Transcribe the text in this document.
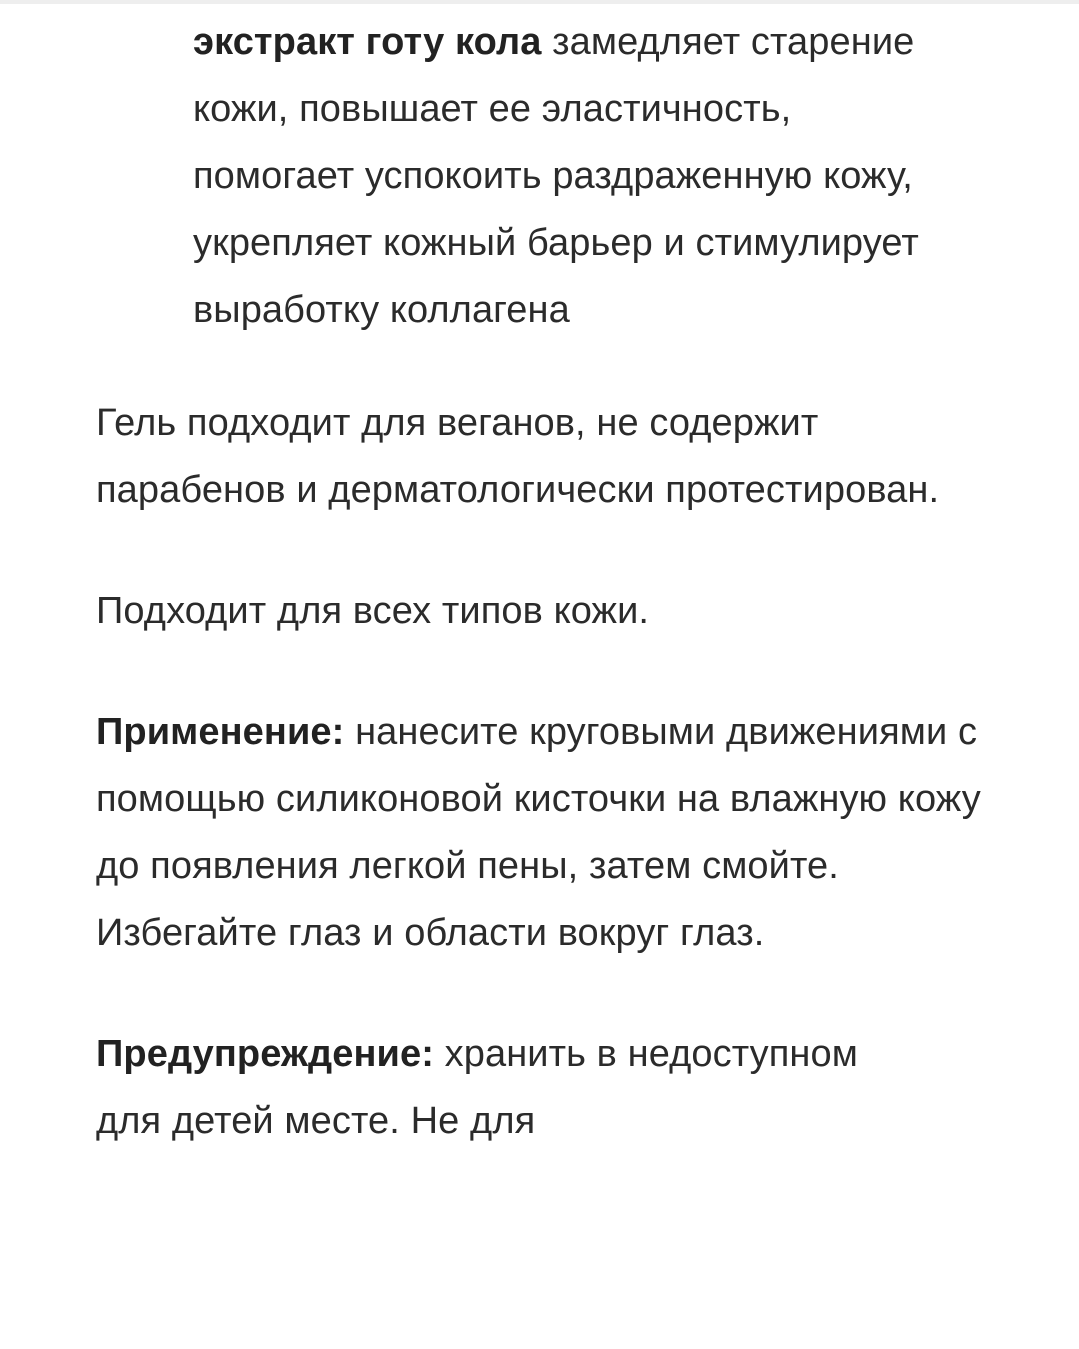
экстракт готу кола замедляет старение кожи, повышает ее эластичность, помогает успокоить раздраженную кожу, укрепляет кожный барьер и стимулирует выработку коллагена

Гель подходит для веганов, не содержит парабенов и дерматологически протестирован.

Подходит для всех типов кожи.

Применение: нанесите круговыми движениями с помощью силиконовой кисточки на влажную кожу до появления легкой пены, затем смойте. Избегайте глаз и области вокруг глаз.

Предупреждение: хранить в недоступном для детей месте. Не для
